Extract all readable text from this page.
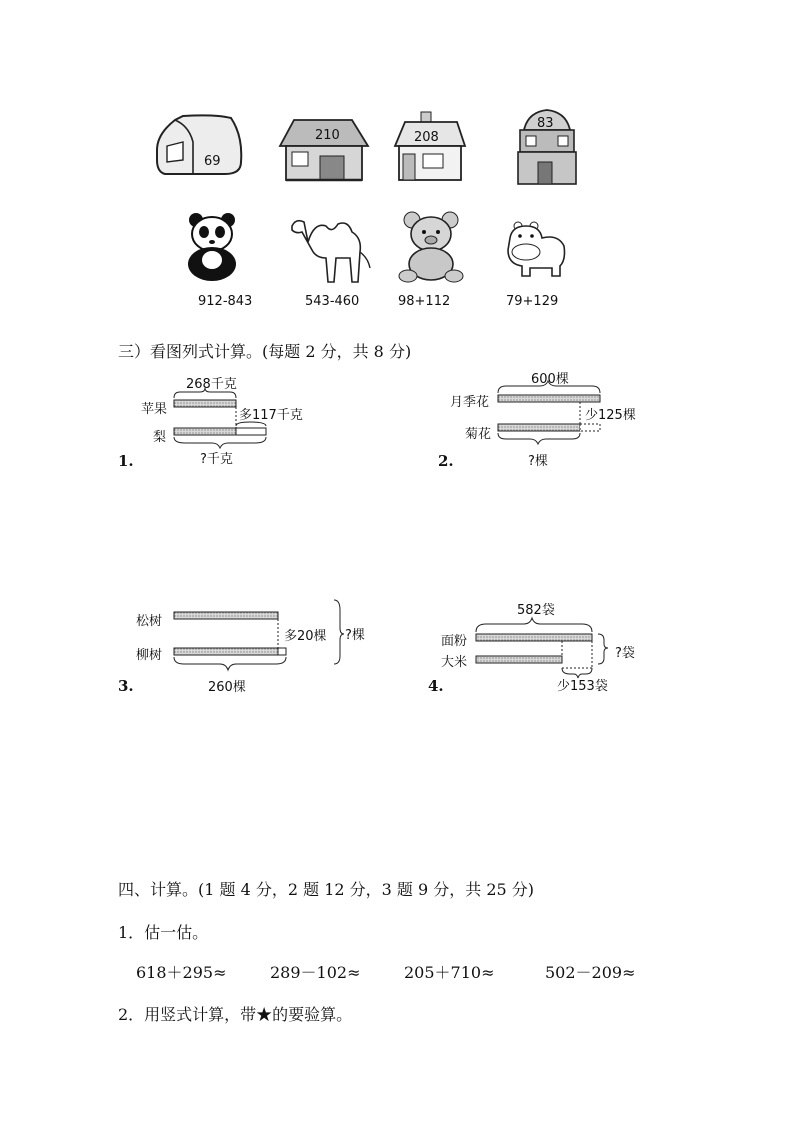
69
210	208
83
912-843	543-460	98+112	79+129
三）看图列式计算。(每题 2 分，共 8 分)
1.
268千克
苹果
梨
多117千克
?千克	2.
600棵
月季花
菊花
少125棵
?棵
3.
松树
柳树
多20棵 ?棵
260棵	4.
582袋
面粉
大米
?袋
少153袋
四、计算。(1 题 4 分，2 题 12 分，3 题 9 分，共 25 分)
1．估一估。
618＋295≈	289－102≈	205＋710≈	502－209≈
2．用竖式计算，带★的要验算。
